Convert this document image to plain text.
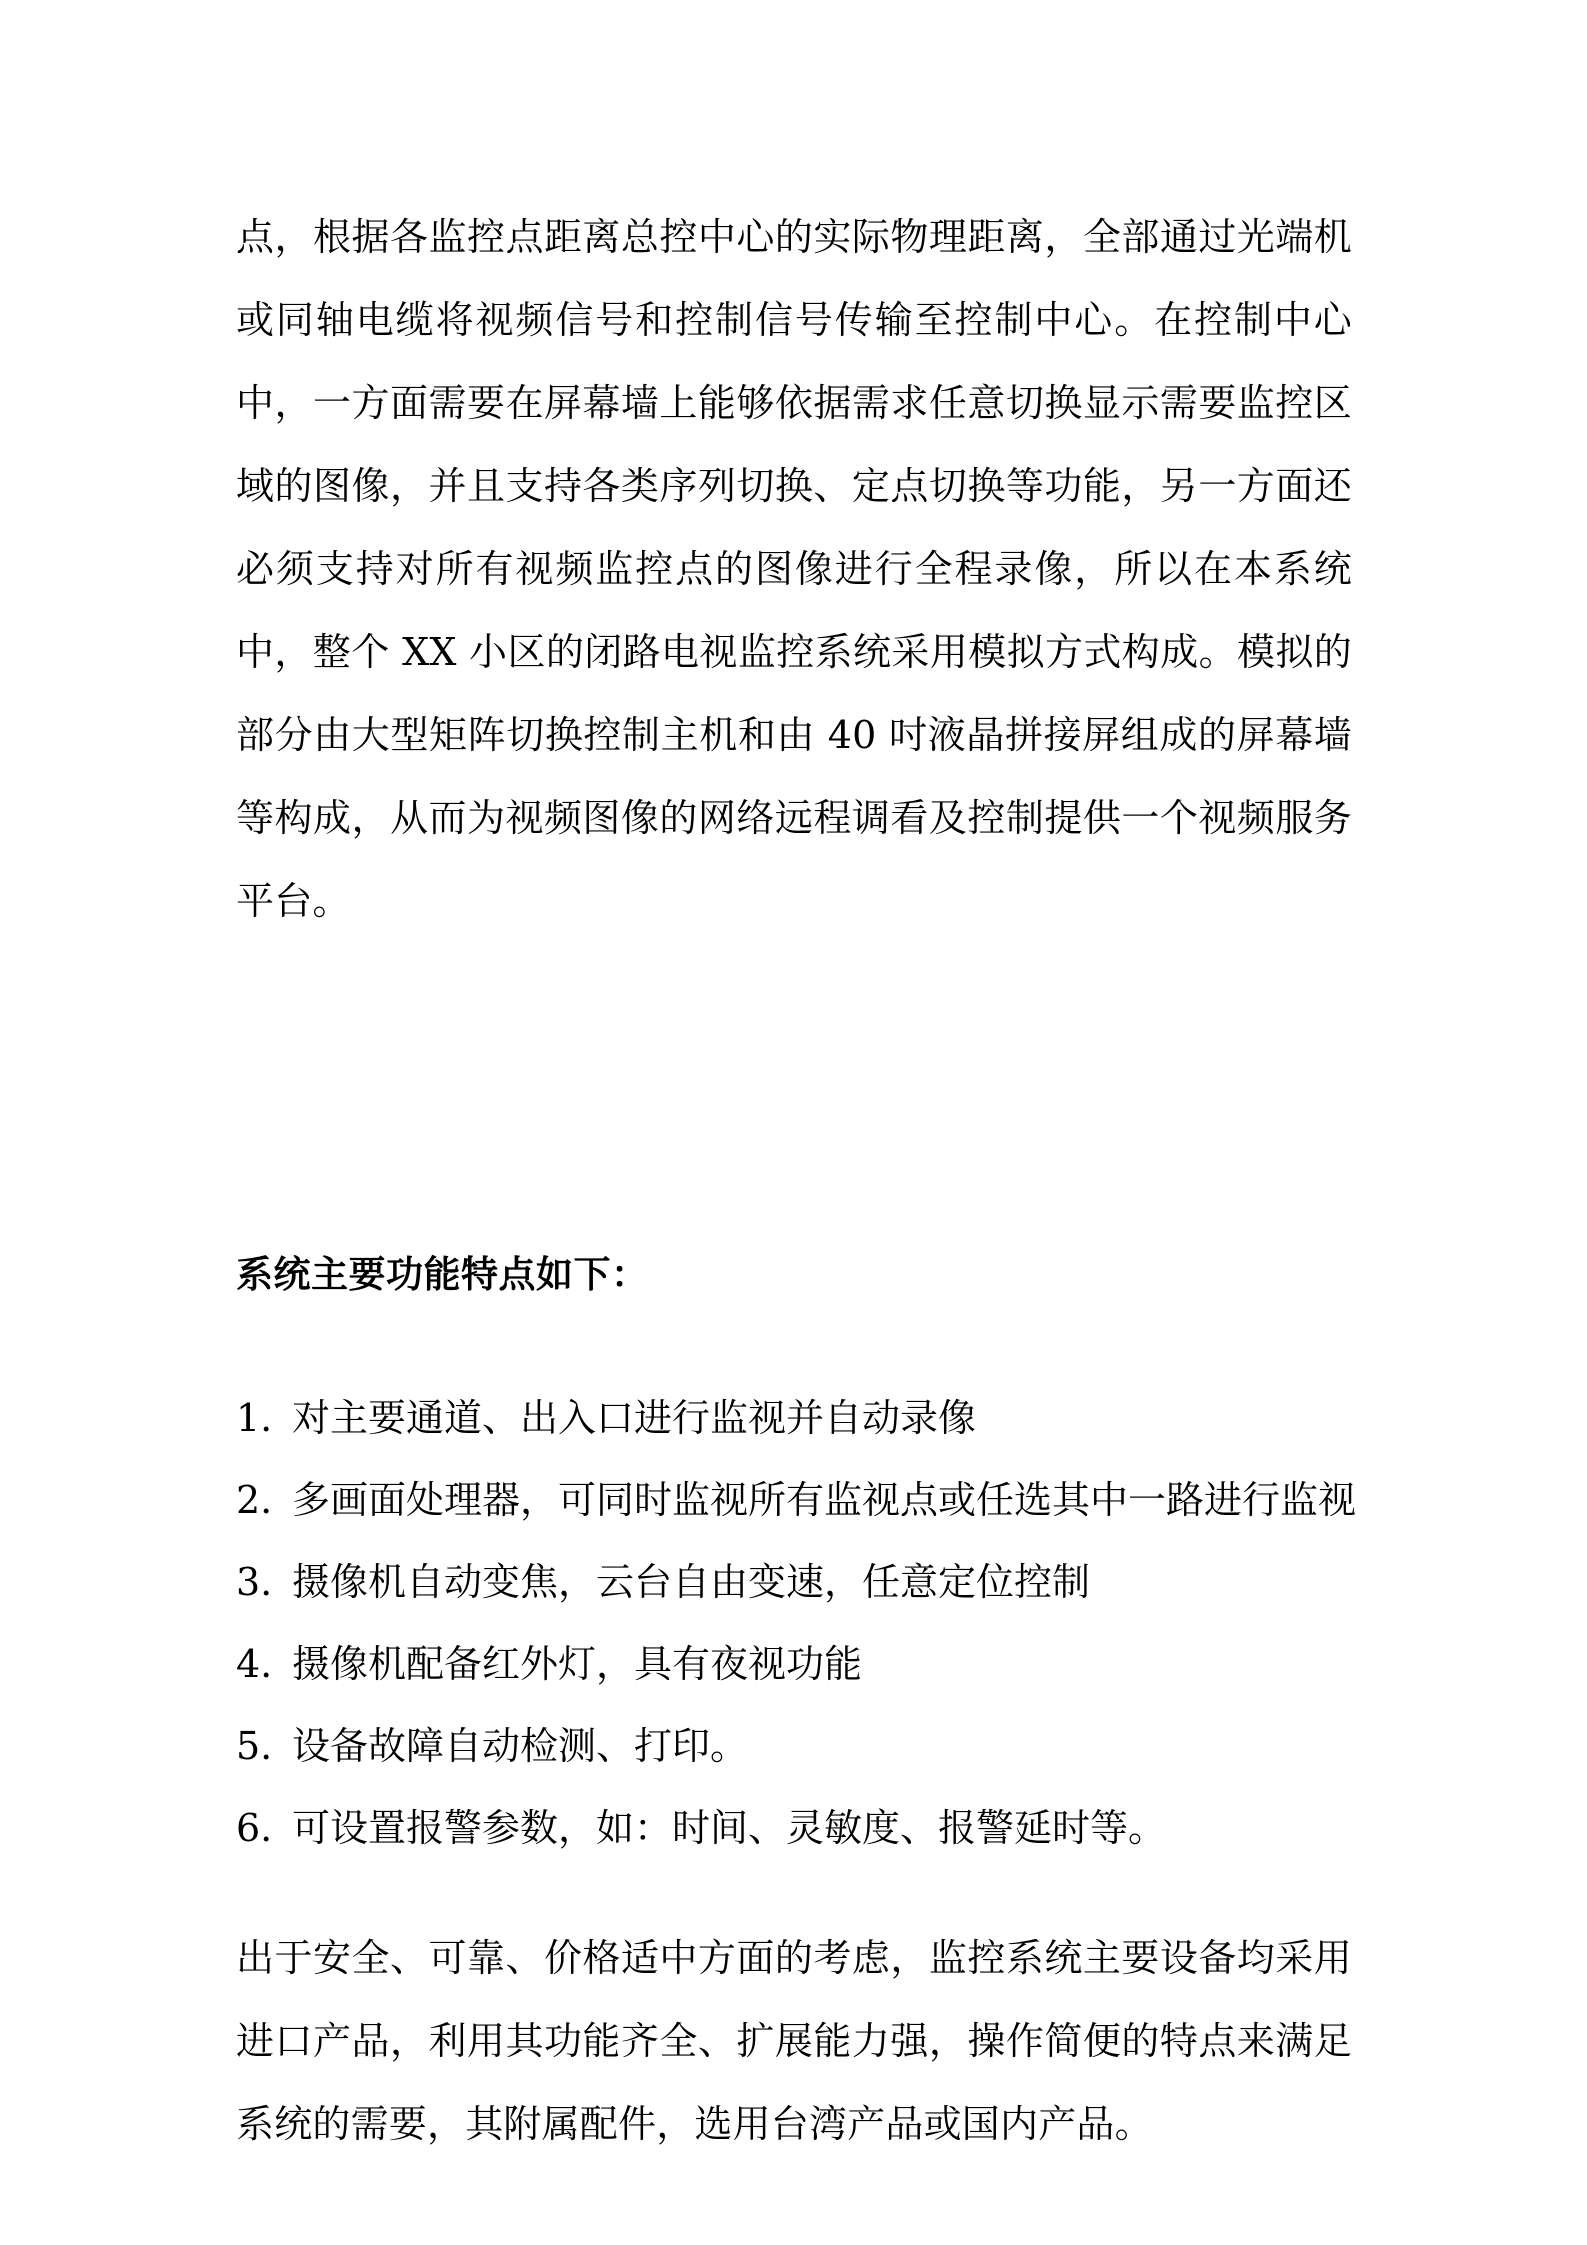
点，根据各监控点距离总控中心的实际物理距离，全部通过光端机或同轴电缆将视频信号和控制信号传输至控制中心。在控制中心中，一方面需要在屏幕墙上能够依据需求任意切换显示需要监控区域的图像，并且支持各类序列切换、定点切换等功能，另一方面还必须支持对所有视频监控点的图像进行全程录像，所以在本系统中，整个 XX 小区的闭路电视监控系统采用模拟方式构成。模拟的部分由大型矩阵切换控制主机和由 40 吋液晶拼接屏组成的屏幕墙等构成，从而为视频图像的网络远程调看及控制提供一个视频服务平台。

系统主要功能特点如下：
1. 对主要通道、出入口进行监视并自动录像
2. 多画面处理器，可同时监视所有监视点或任选其中一路进行监视
3. 摄像机自动变焦，云台自由变速，任意定位控制
4. 摄像机配备红外灯，具有夜视功能
5. 设备故障自动检测、打印。
6. 可设置报警参数，如：时间、灵敏度、报警延时等。

出于安全、可靠、价格适中方面的考虑，监控系统主要设备均采用进口产品，利用其功能齐全、扩展能力强，操作简便的特点来满足系统的需要，其附属配件，选用台湾产品或国内产品。
